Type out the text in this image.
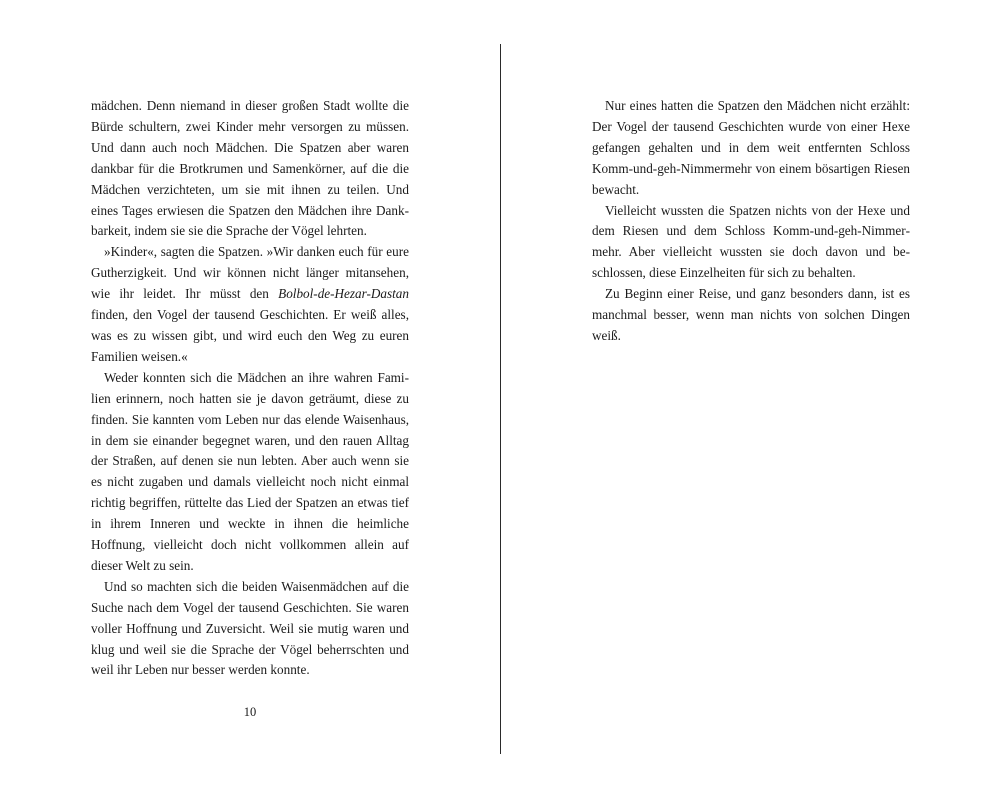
mädchen. Denn niemand in dieser großen Stadt wollte die Bürde schultern, zwei Kinder mehr versorgen zu müssen. Und dann auch noch Mädchen. Die Spatzen aber waren dankbar für die Brotkrumen und Samenkörner, auf die die Mädchen verzichteten, um sie mit ihnen zu teilen. Und eines Tages erwiesen die Spatzen den Mädchen ihre Dankbarkeit, indem sie sie die Sprache der Vögel lehrten.

»Kinder«, sagten die Spatzen. »Wir danken euch für eure Gutherzigkeit. Und wir können nicht länger mitansehen, wie ihr leidet. Ihr müsst den Bolbol-de-Hezar-Dastan finden, den Vogel der tausend Geschichten. Er weiß alles, was es zu wissen gibt, und wird euch den Weg zu euren Familien weisen.«

Weder konnten sich die Mädchen an ihre wahren Familien erinnern, noch hatten sie je davon geträumt, diese zu finden. Sie kannten vom Leben nur das elende Waisenhaus, in dem sie einander begegnet waren, und den rauen Alltag der Straßen, auf denen sie nun lebten. Aber auch wenn sie es nicht zugaben und damals vielleicht noch nicht einmal richtig begriffen, rüttelte das Lied der Spatzen an etwas tief in ihrem Inneren und weckte in ihnen die heimliche Hoffnung, vielleicht doch nicht vollkommen allein auf dieser Welt zu sein.

Und so machten sich die beiden Waisenmädchen auf die Suche nach dem Vogel der tausend Geschichten. Sie waren voller Hoffnung und Zuversicht. Weil sie mutig waren und klug und weil sie die Sprache der Vögel beherrschten und weil ihr Leben nur besser werden konnte.

10

Nur eines hatten die Spatzen den Mädchen nicht erzählt: Der Vogel der tausend Geschichten wurde von einer Hexe gefangen gehalten und in dem weit entfernten Schloss Komm-und-geh-Nimmermehr von einem bösartigen Riesen bewacht.

Vielleicht wussten die Spatzen nichts von der Hexe und dem Riesen und dem Schloss Komm-und-geh-Nimmermehr. Aber vielleicht wussten sie doch davon und beschlossen, diese Einzelheiten für sich zu behalten.

Zu Beginn einer Reise, und ganz besonders dann, ist es manchmal besser, wenn man nichts von solchen Dingen weiß.
